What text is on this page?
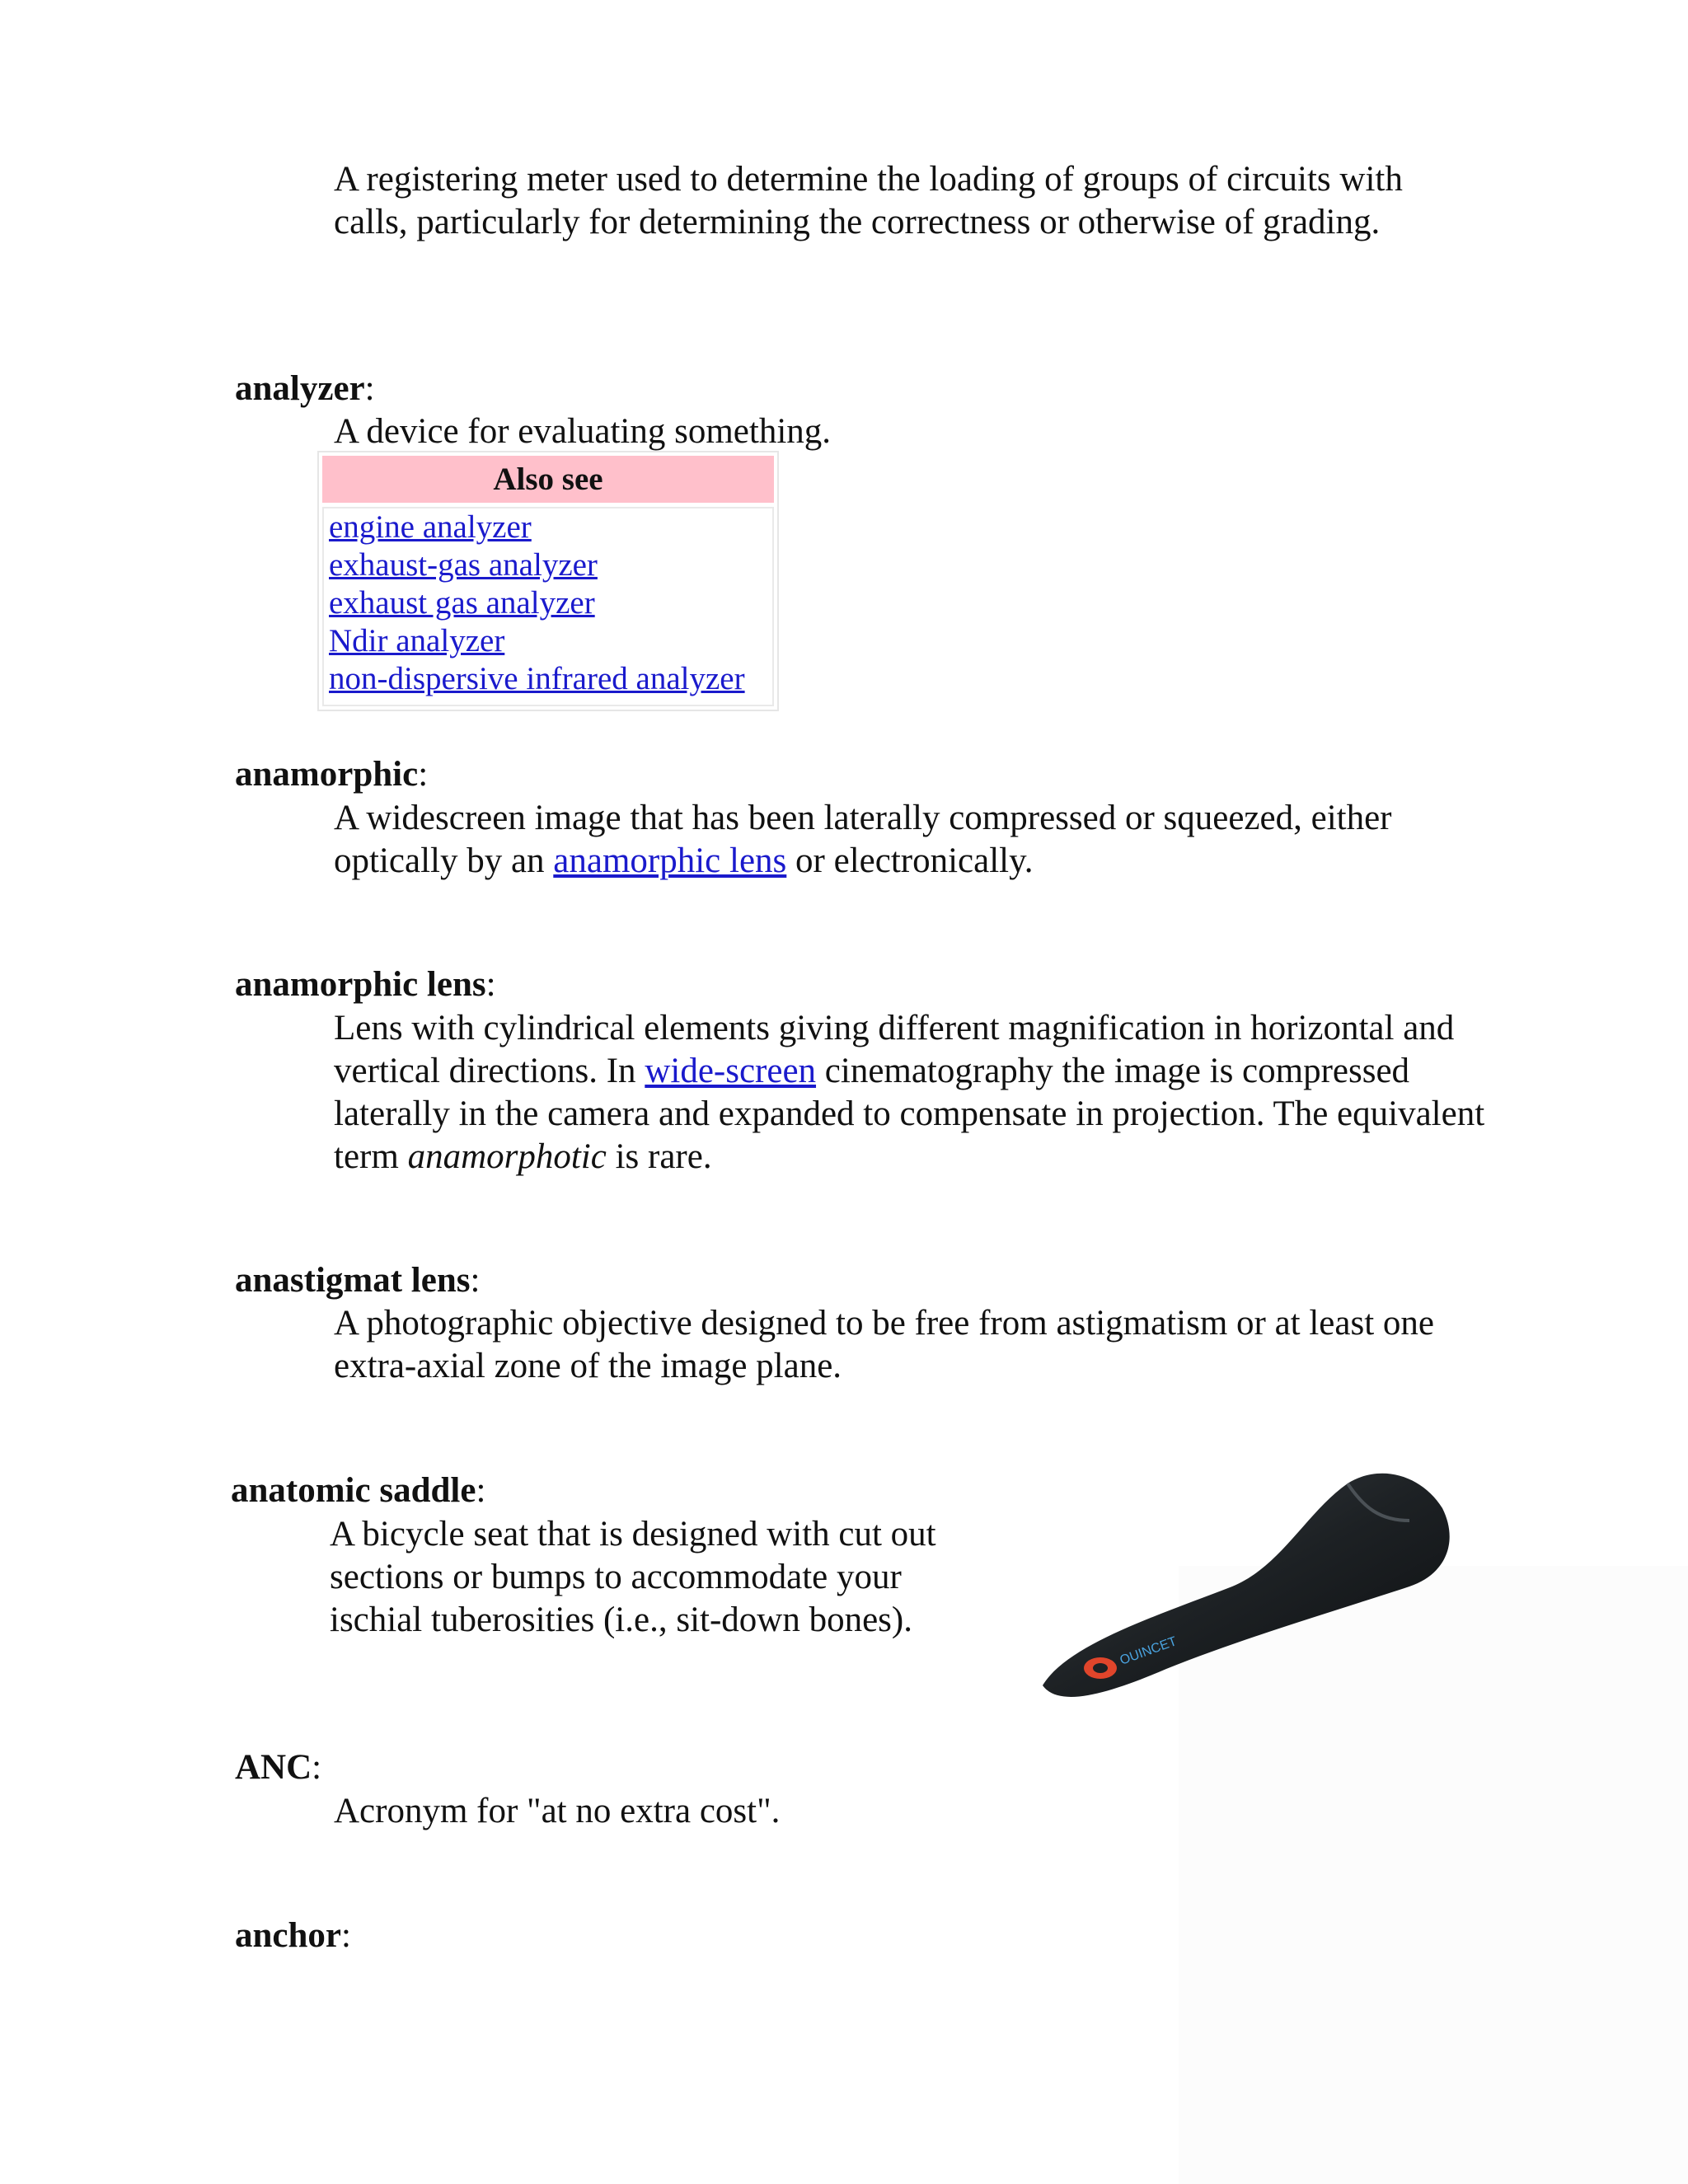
A registering meter used to determine the loading of groups of circuits with calls, particularly for determining the correctness or otherwise of grading.

analyzer:

A device for evaluating something.

Also see
engine analyzer
exhaust-gas analyzer
exhaust gas analyzer
Ndir analyzer
non-dispersive infrared analyzer
anamorphic:

A widescreen image that has been laterally compressed or squeezed, either optically by an anamorphic lens or electronically.

anamorphic lens:

Lens with cylindrical elements giving different magnification in horizontal and vertical directions. In wide-screen cinematography the image is compressed laterally in the camera and expanded to compensate in projection. The equivalent term anamorphotic is rare.

anastigmat lens:

A photographic objective designed to be free from astigmatism or at least one extra-axial zone of the image plane.

anatomic saddle:

A bicycle seat that is designed with cut out sections or bumps to accommodate your ischial tuberosities (i.e., sit-down bones).

OUINCET
ANC:

Acronym for "at no extra cost".

anchor:
